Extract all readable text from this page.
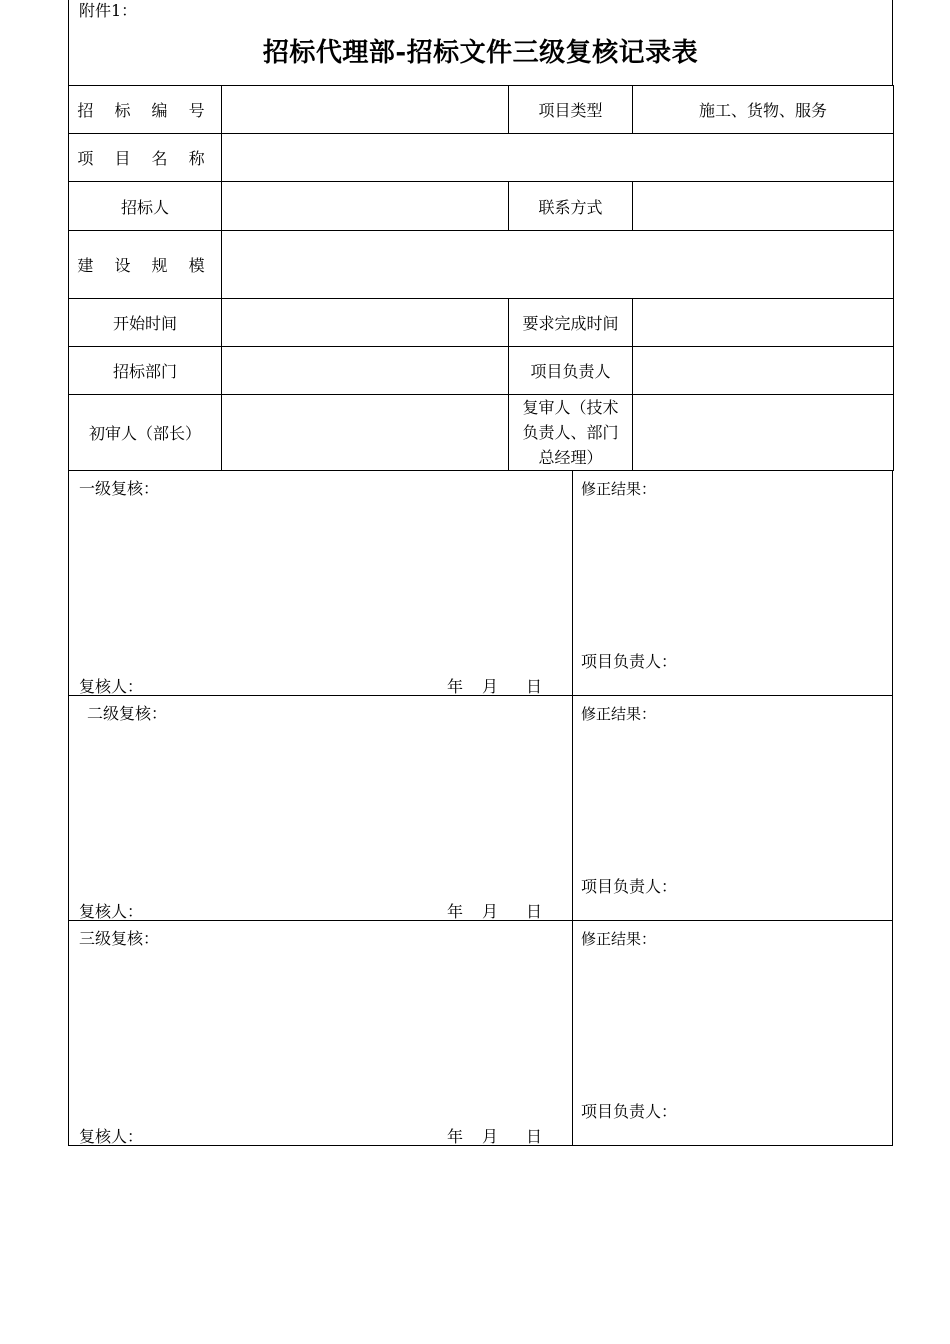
附件1：
招标代理部-招标文件三级复核记录表
招 标 编 号		项目类型	施工、货物、服务
项 目 名 称			
招标人		联系方式	
建 设 规 模			
开始时间		要求完成时间	
招标部门		项目负责人	
初审人（部长）		复审人（技术
负责人、部门
总经理）	

一级复核：	修正结果：
项目负责人：
复核人：	年 月 日
二级复核：	修正结果：
项目负责人：
复核人：	年 月 日
三级复核：	修正结果：
项目负责人：
复核人：	年 月 日
